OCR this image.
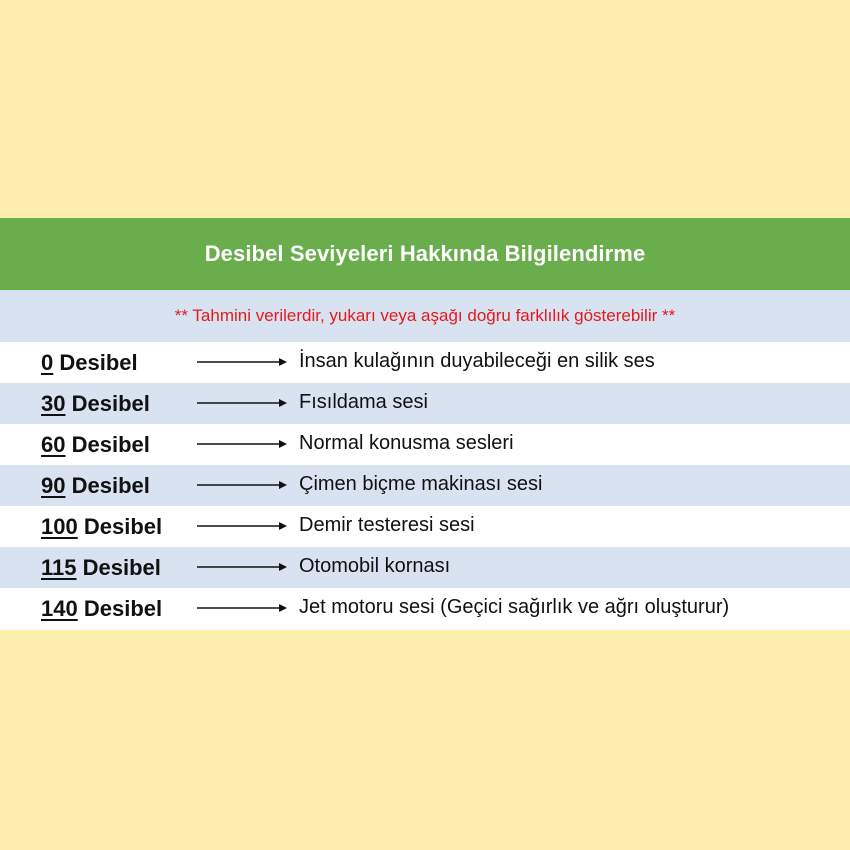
Desibel Seviyeleri Hakkında Bilgilendirme
** Tahmini verilerdir, yukarı veya aşağı doğru farklılık gösterebilir **
0 Desibel	İnsan kulağının duyabileceği en silik ses
30 Desibel	Fısıldama sesi
60 Desibel	Normal konusma sesleri
90 Desibel	Çimen biçme makinası sesi
100 Desibel	Demir testeresi sesi
115 Desibel	Otomobil kornası
140 Desibel	Jet motoru sesi (Geçici sağırlık ve ağrı oluşturur)
